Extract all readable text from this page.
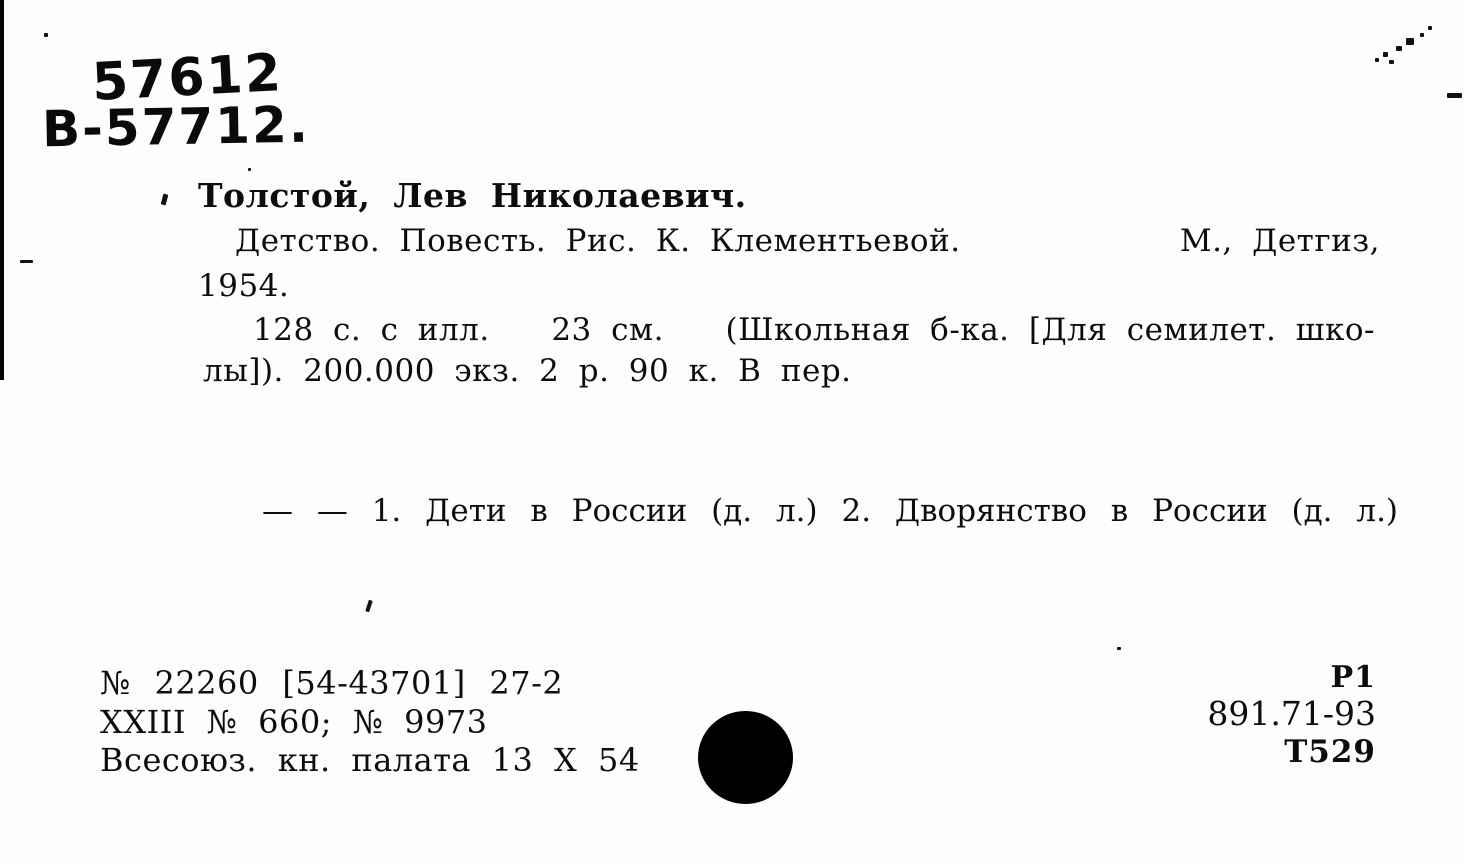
57612
В-57712.
Толстой, Лев Николаевич.
Детство. Повесть. Рис. К. Клементьевой.	М., Детгиз,
1954.
128 с. с илл. 23 см. (Школьная б-ка. [Для семилет. шко-
лы]). 200.000 экз. 2 р. 90 к. В пер.
— — 1. Дети в России (д. л.) 2. Дворянство в России (д. л.)
№ 22260 [54-43701] 27-2
XXIII № 660; № 9973
Всесоюз. кн. палата 13 X 54
Р1
891.71-93
Т529
